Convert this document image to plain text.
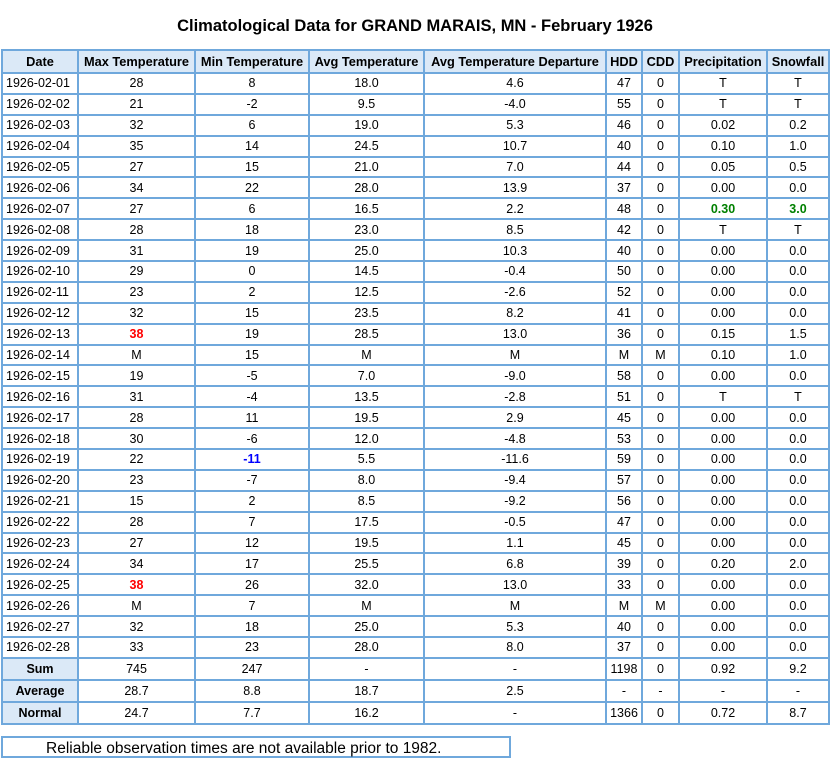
Climatological Data for GRAND MARAIS, MN - February 1926
Date	Max Temperature	Min Temperature	Avg Temperature	Avg Temperature Departure	HDD	CDD	Precipitation	Snowfall
1926-02-01	28	8	18.0	4.6	47	0	T	T
1926-02-02	21	-2	9.5	-4.0	55	0	T	T
1926-02-03	32	6	19.0	5.3	46	0	0.02	0.2
1926-02-04	35	14	24.5	10.7	40	0	0.10	1.0
1926-02-05	27	15	21.0	7.0	44	0	0.05	0.5
1926-02-06	34	22	28.0	13.9	37	0	0.00	0.0
1926-02-07	27	6	16.5	2.2	48	0	0.30	3.0
1926-02-08	28	18	23.0	8.5	42	0	T	T
1926-02-09	31	19	25.0	10.3	40	0	0.00	0.0
1926-02-10	29	0	14.5	-0.4	50	0	0.00	0.0
1926-02-11	23	2	12.5	-2.6	52	0	0.00	0.0
1926-02-12	32	15	23.5	8.2	41	0	0.00	0.0
1926-02-13	38	19	28.5	13.0	36	0	0.15	1.5
1926-02-14	M	15	M	M	M	M	0.10	1.0
1926-02-15	19	-5	7.0	-9.0	58	0	0.00	0.0
1926-02-16	31	-4	13.5	-2.8	51	0	T	T
1926-02-17	28	11	19.5	2.9	45	0	0.00	0.0
1926-02-18	30	-6	12.0	-4.8	53	0	0.00	0.0
1926-02-19	22	-11	5.5	-11.6	59	0	0.00	0.0
1926-02-20	23	-7	8.0	-9.4	57	0	0.00	0.0
1926-02-21	15	2	8.5	-9.2	56	0	0.00	0.0
1926-02-22	28	7	17.5	-0.5	47	0	0.00	0.0
1926-02-23	27	12	19.5	1.1	45	0	0.00	0.0
1926-02-24	34	17	25.5	6.8	39	0	0.20	2.0
1926-02-25	38	26	32.0	13.0	33	0	0.00	0.0
1926-02-26	M	7	M	M	M	M	0.00	0.0
1926-02-27	32	18	25.0	5.3	40	0	0.00	0.0
1926-02-28	33	23	28.0	8.0	37	0	0.00	0.0
Sum	745	247	-	-	1198	0	0.92	9.2
Average	28.7	8.8	18.7	2.5	-	-	-	-
Normal	24.7	7.7	16.2	-	1366	0	0.72	8.7
Reliable observation times are not available prior to 1982.
